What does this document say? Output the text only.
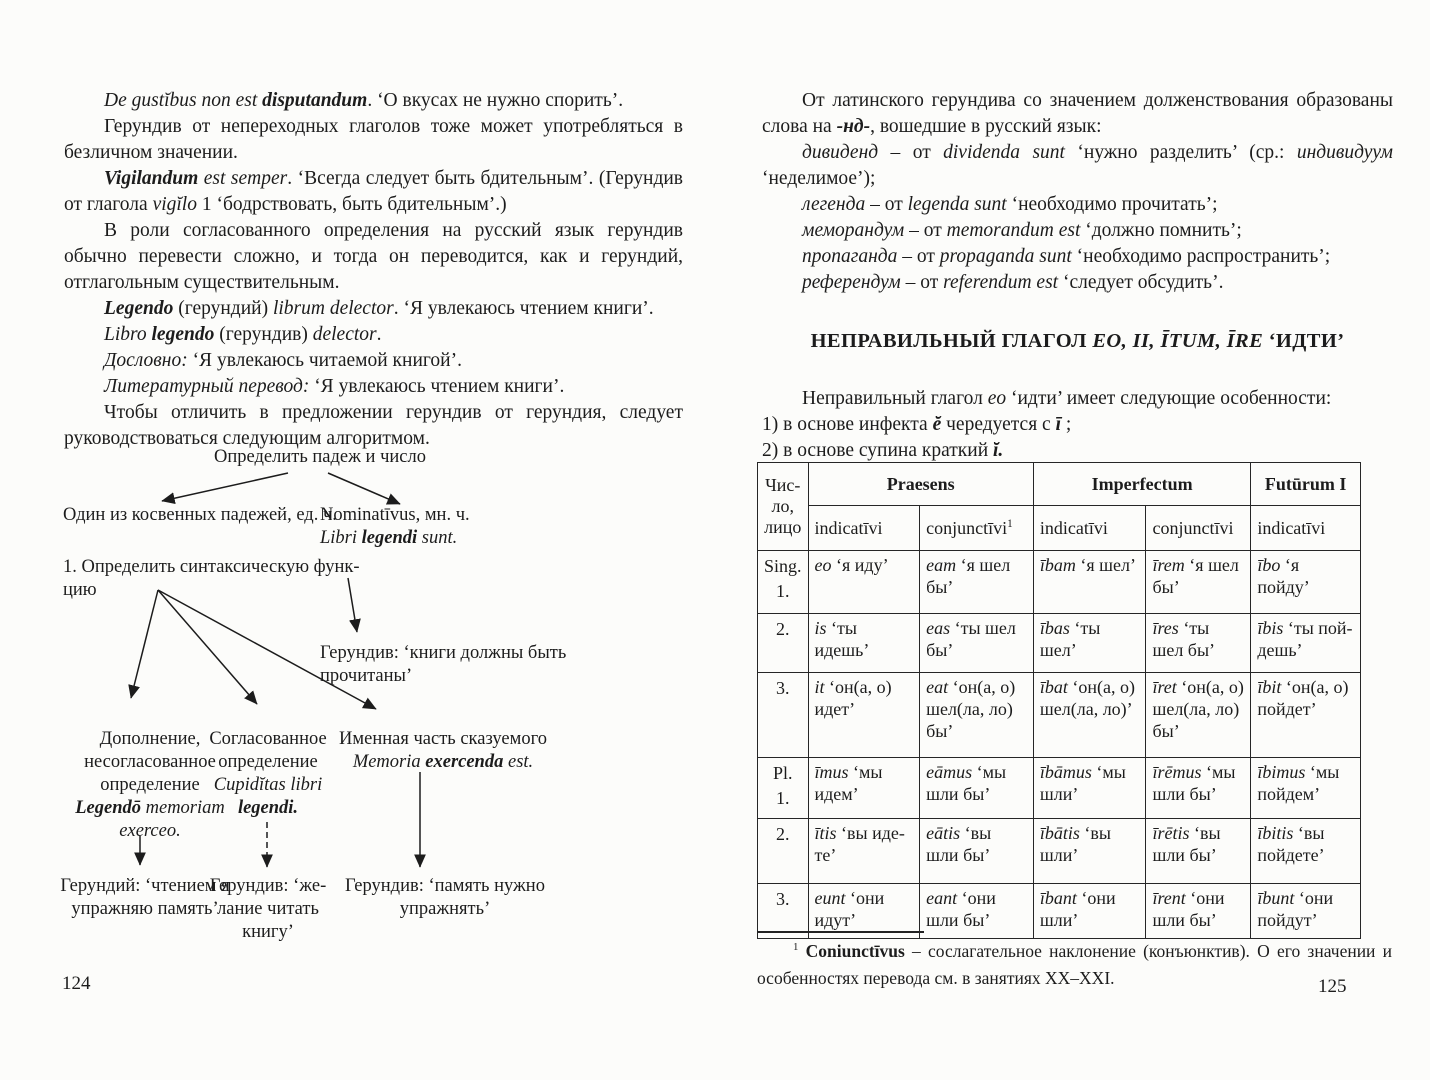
De gustĭbus non est disputandum. ‘О вкусах не нужно спорить’.

Герундив от непереходных глаголов тоже может употребляться в безличном значении.

Vigilandum est semper. ‘Всегда следует быть бдительным’. (Герундив от глагола vigĭlo 1 ‘бодрствовать, быть бдительным’.)

В роли согласованного определения на русский язык герундив обычно перевести сложно, и тогда он переводится, как и герундий, отглагольным существительным.

Legendo (герундий) librum delector. ‘Я увлекаюсь чтением книги’.

Libro legendo (герундив) delector.

Дословно: ‘Я увлекаюсь читаемой книгой’.

Литературный перевод: ‘Я увлекаюсь чтением книги’.

Чтобы отличить в предложении герундив от герундия, следует руководствоваться следующим алгоритмом.

Определить падеж и число
Один из косвенных падежей, ед. ч.
Nominatīvus, мн. ч.
Libri legendi sunt.
1. Определить синтаксическую функ-
цию
Герундив: ‘книги должны быть
прочитаны’
Дополнение,
несогласованное
определение
Legendō memoriam
exerceo.
Согласованное
определение
Cupidĭtas libri
legendi.
Именная часть сказуемого
Memoria exercenda est.
Герундий: ‘чтением я
упражняю память’
Герундив: ‘же-
лание читать
книгу’
Герундив: ‘память нужно
упражнять’
124

От латинского герундива со значением долженствования образованы слова на -нд-, вошедшие в русский язык:

дивиденд – от dividenda sunt ‘нужно разделить’ (ср.: индивидуум ‘неделимое’);

легенда – от legenda sunt ‘необходимо прочитать’;

меморандум – от memorandum est ‘должно помнить’;

пропаганда – от propaganda sunt ‘необходимо распространить’;

референдум – от referendum est ‘следует обсудить’.

НЕПРАВИЛЬНЫЙ ГЛАГОЛ EO, II, ĪTUM, ĪRE ‘ИДТИ’

Неправильный глагол eo ‘идти’ имеет следующие особенности:

1) в основе инфекта ĕ чередуется с ī ;

2) в основе супина краткий ĭ.

Чис-
ло,
лицо	Praesens		Imperfectum		Futūrum I
	indicatīvi	conjunctīvi$^1$	indicatīvi	conjunctīvi	indicatīvi

Sing.
1.	eo ‘я иду’	eam ‘я шел бы’	ībam ‘я шел’	īrem ‘я шел бы’	ībo ‘я пойду’

2.	is ‘ты идешь’	eas ‘ты шел бы’	ības ‘ты шел’	īres ‘ты шел бы’	ībis ‘ты пой-дешь’

3.	it ‘он(а, о) идет’	eat ‘он(а, о) шел(ла, ло) бы’	ībat ‘он(а, о) шел(ла, ло)’	īret ‘он(а, о) шел(ла, ло) бы’	ībit ‘он(а, о) пойдет’

Pl.
1.	īmus ‘мы идем’	eāmus ‘мы шли бы’	ībāmus ‘мы шли’	īrēmus ‘мы шли бы’	ībimus ‘мы пойдем’

2.	ītis ‘вы иде-те’	eātis ‘вы шли бы’	ībātis ‘вы шли’	īrētis ‘вы шли бы’	ībitis ‘вы пойдете’

3.	eunt ‘они идут’	eant ‘они шли бы’	ībant ‘они шли’	īrent ‘они шли бы’	ībunt ‘они пойдут’
$^1$ Coniunctīvus – сослагательное наклонение (конъюнктив). О его значении и особенностях перевода см. в занятиях XX–XXI.	125
